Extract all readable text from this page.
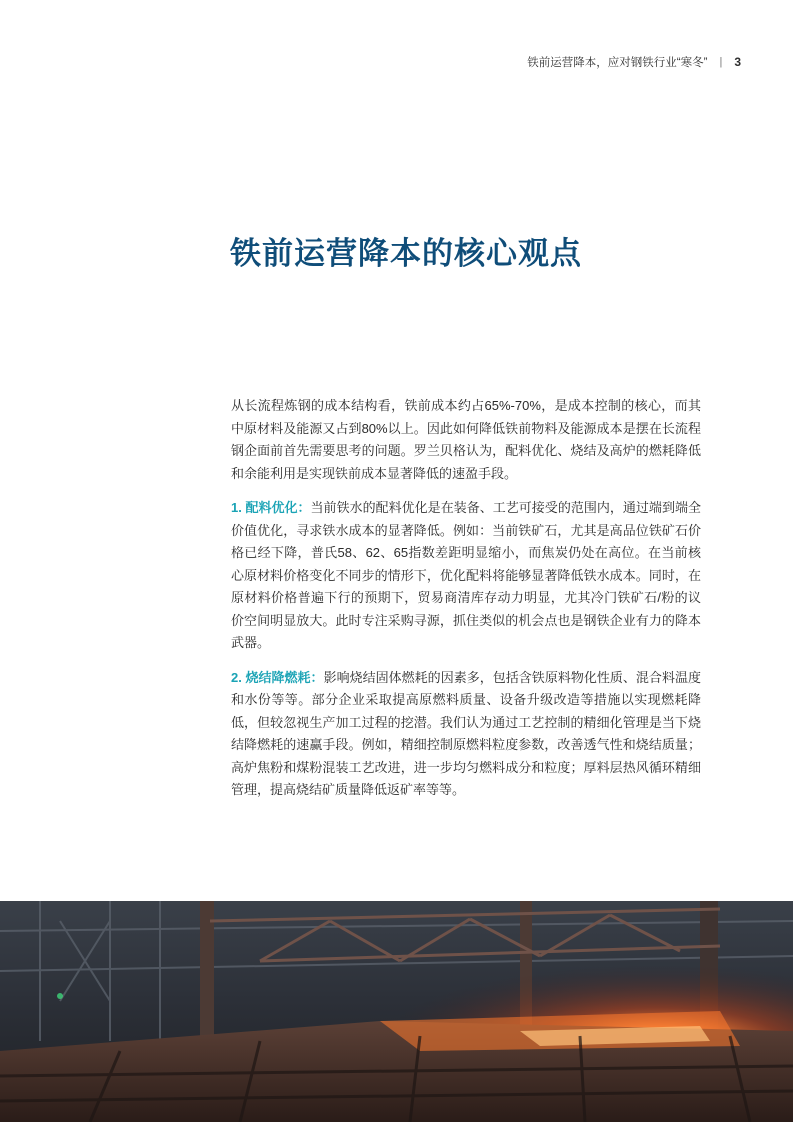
铁前运营降本，应对钢铁行业“寒冬” | 3
铁前运营降本的核心观点

从长流程炼钢的成本结构看，铁前成本约占65%-70%，是成本控制的核心，而其中原材料及能源又占到80%以上。因此如何降低铁前物料及能源成本是摆在长流程钢企面前首先需要思考的问题。罗兰贝格认为，配料优化、烧结及高炉的燃耗降低和余能利用是实现铁前成本显著降低的速盈手段。

1. 配料优化：当前铁水的配料优化是在装备、工艺可接受的范围内，通过端到端全价值优化，寻求铁水成本的显著降低。例如：当前铁矿石，尤其是高品位铁矿石价格已经下降，普氏58、62、65指数差距明显缩小，而焦炭仍处在高位。在当前核心原材料价格变化不同步的情形下，优化配料将能够显著降低铁水成本。同时，在原材料价格普遍下行的预期下，贸易商清库存动力明显，尤其冷门铁矿石/粉的议价空间明显放大。此时专注采购寻源，抓住类似的机会点也是钢铁企业有力的降本武器。

2. 烧结降燃耗：影响烧结固体燃耗的因素多，包括含铁原料物化性质、混合料温度和水份等等。部分企业采取提高原燃料质量、设备升级改造等措施以实现燃耗降低，但较忽视生产加工过程的挖潜。我们认为通过工艺控制的精细化管理是当下烧结降燃耗的速赢手段。例如，精细控制原燃料粒度参数，改善透气性和烧结质量；高炉焦粉和煤粉混装工艺改进，进一步均匀燃料成分和粒度；厚料层热风循环精细管理，提高烧结矿质量降低返矿率等等。
